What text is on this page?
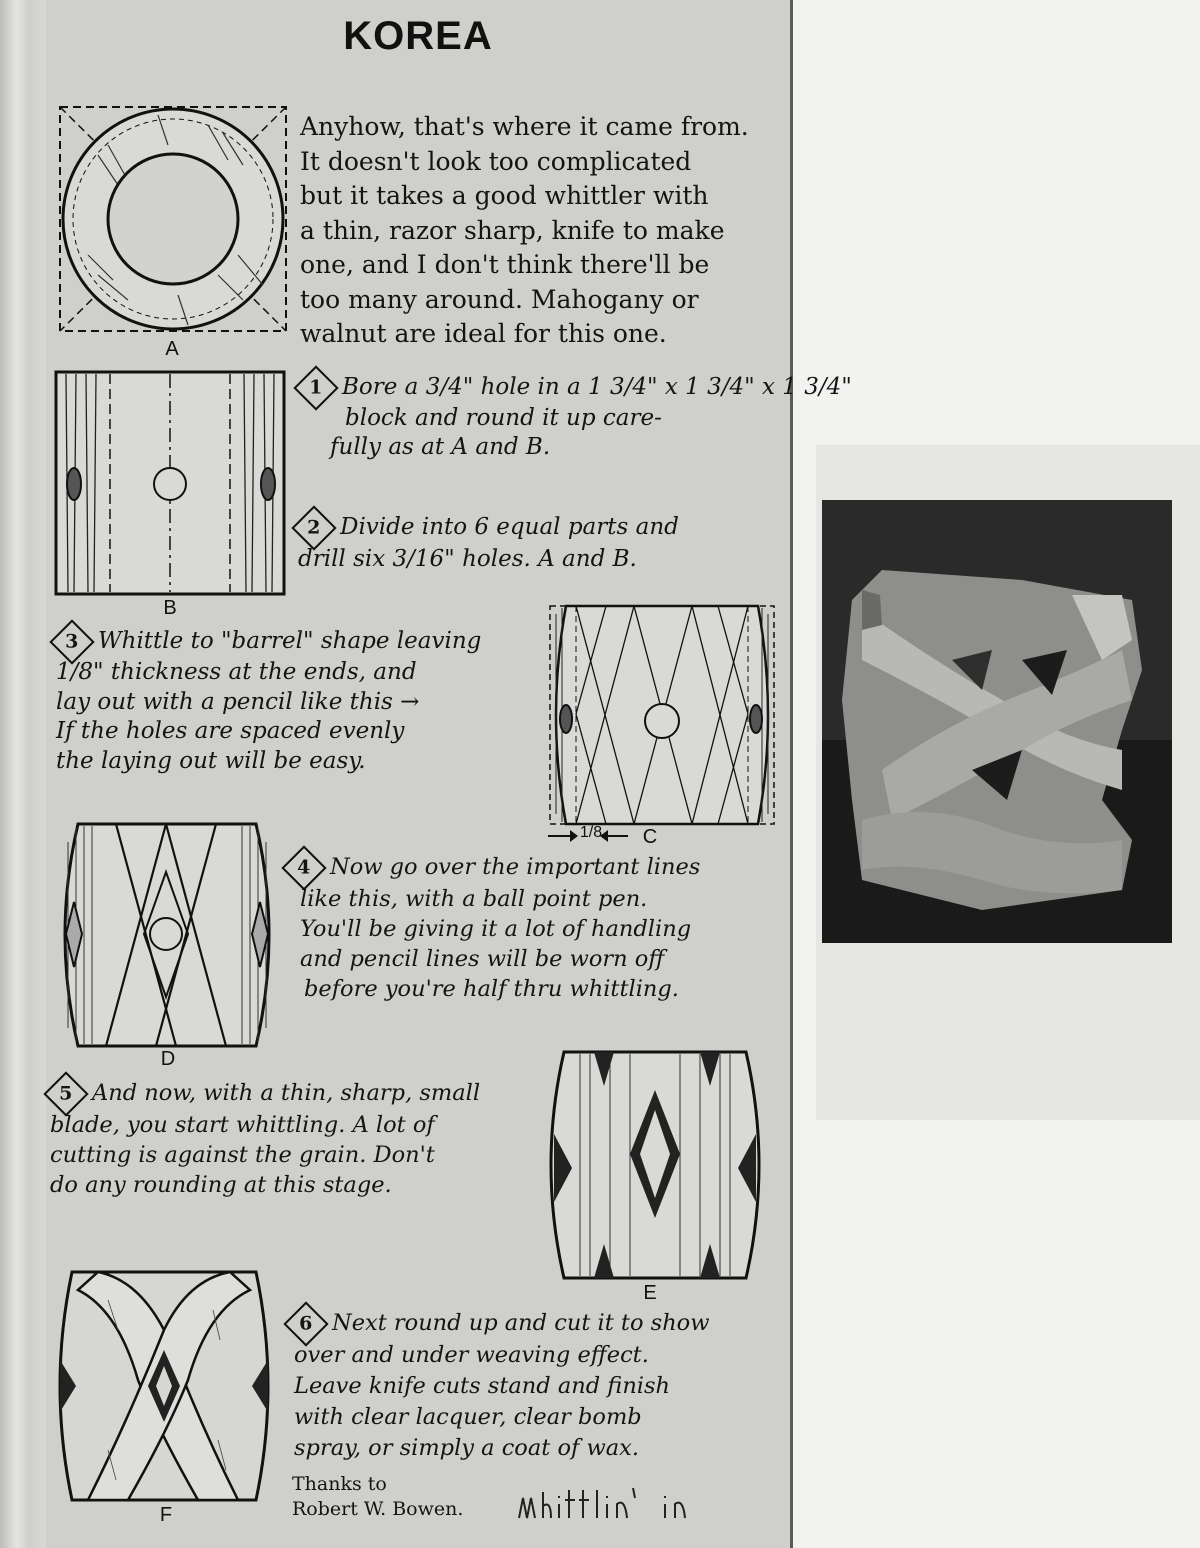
KOREA
A
Anyhow, that's where it came from.
It doesn't look too complicated
but it takes a good whittler with
a thin, razor sharp, knife to make
one, and I don't think there'll be
too many around. Mahogany or
walnut are ideal for this one.
B
1 Bore a 3/4" hole in a 1 3/4" x 1 3/4" x 1 3/4"
block and round it up care-
fully as at A and B.
2 Divide into 6 equal parts and
drill six 3/16" holes. A and B.
3 Whittle to "barrel" shape leaving
1/8" thickness at the ends, and
lay out with a pencil like this →
If the holes are spaced evenly
the laying out will be easy.
1/8 C
D
4 Now go over the important lines
like this, with a ball point pen.
You'll be giving it a lot of handling
and pencil lines will be worn off
before you're half thru whittling.
5 And now, with a thin, sharp, small
blade, you start whittling. A lot of
cutting is against the grain. Don't
do any rounding at this stage.
E
F
6 Next round up and cut it to show
over and under weaving effect.
Leave knife cuts stand and finish
with clear lacquer, clear bomb
spray, or simply a coat of wax.
Thanks to
Robert W. Bowen.
